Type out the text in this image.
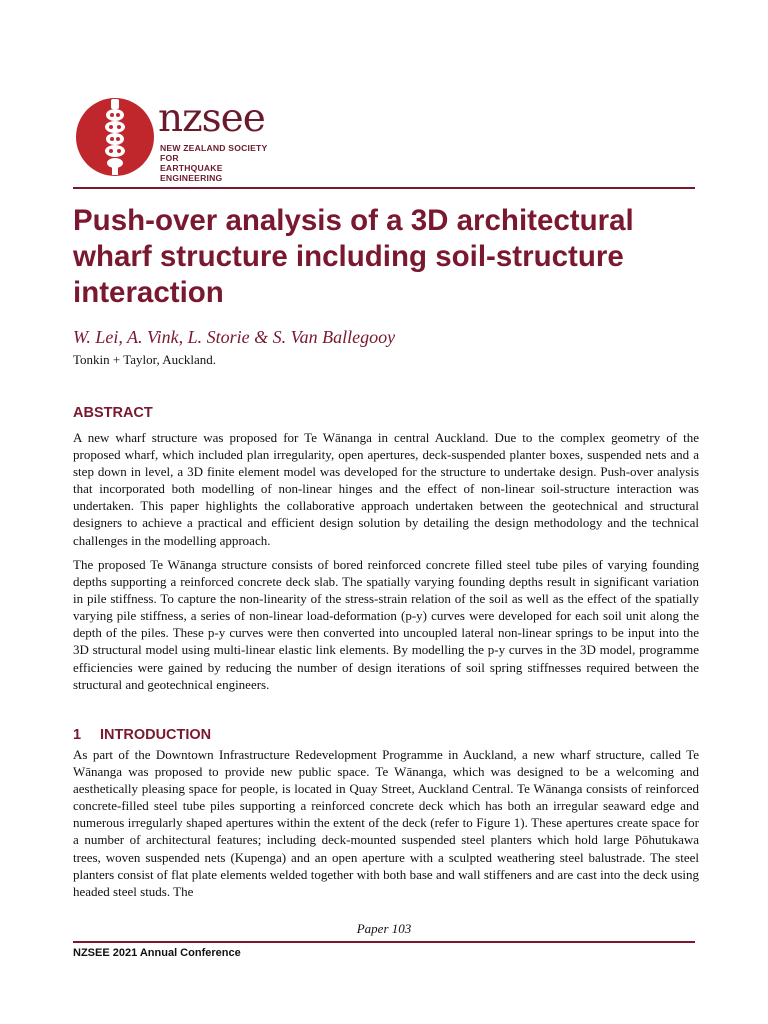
nzsee
NEW ZEALAND SOCIETY FOR
EARTHQUAKE ENGINEERING
Push-over analysis of a 3D architectural wharf structure including soil-structure interaction
W. Lei, A. Vink, L. Storie & S. Van Ballegooy
Tonkin + Taylor, Auckland.
ABSTRACT

A new wharf structure was proposed for Te Wānanga in central Auckland. Due to the complex geometry of the proposed wharf, which included plan irregularity, open apertures, deck-suspended planter boxes, suspended nets and a step down in level, a 3D finite element model was developed for the structure to undertake design. Push-over analysis that incorporated both modelling of non-linear hinges and the effect of non-linear soil-structure interaction was undertaken. This paper highlights the collaborative approach undertaken between the geotechnical and structural designers to achieve a practical and efficient design solution by detailing the design methodology and the technical challenges in the modelling approach.

The proposed Te Wānanga structure consists of bored reinforced concrete filled steel tube piles of varying founding depths supporting a reinforced concrete deck slab. The spatially varying founding depths result in significant variation in pile stiffness. To capture the non-linearity of the stress-strain relation of the soil as well as the effect of the spatially varying pile stiffness, a series of non-linear load-deformation (p-y) curves were developed for each soil unit along the depth of the piles. These p-y curves were then converted into uncoupled lateral non-linear springs to be input into the 3D structural model using multi-linear elastic link elements. By modelling the p-y curves in the 3D model, programme efficiencies were gained by reducing the number of design iterations of soil spring stiffnesses required between the structural and geotechnical engineers.

1 INTRODUCTION

As part of the Downtown Infrastructure Redevelopment Programme in Auckland, a new wharf structure, called Te Wānanga was proposed to provide new public space. Te Wānanga, which was designed to be a welcoming and aesthetically pleasing space for people, is located in Quay Street, Auckland Central. Te Wānanga consists of reinforced concrete-filled steel tube piles supporting a reinforced concrete deck which has both an irregular seaward edge and numerous irregularly shaped apertures within the extent of the deck (refer to Figure 1). These apertures create space for a number of architectural features; including deck-mounted suspended steel planters which hold large Pōhutukawa trees, woven suspended nets (Kupenga) and an open aperture with a sculpted weathering steel balustrade. The steel planters consist of flat plate elements welded together with both base and wall stiffeners and are cast into the deck using headed steel studs. The

Paper 103
NZSEE 2021 Annual Conference
